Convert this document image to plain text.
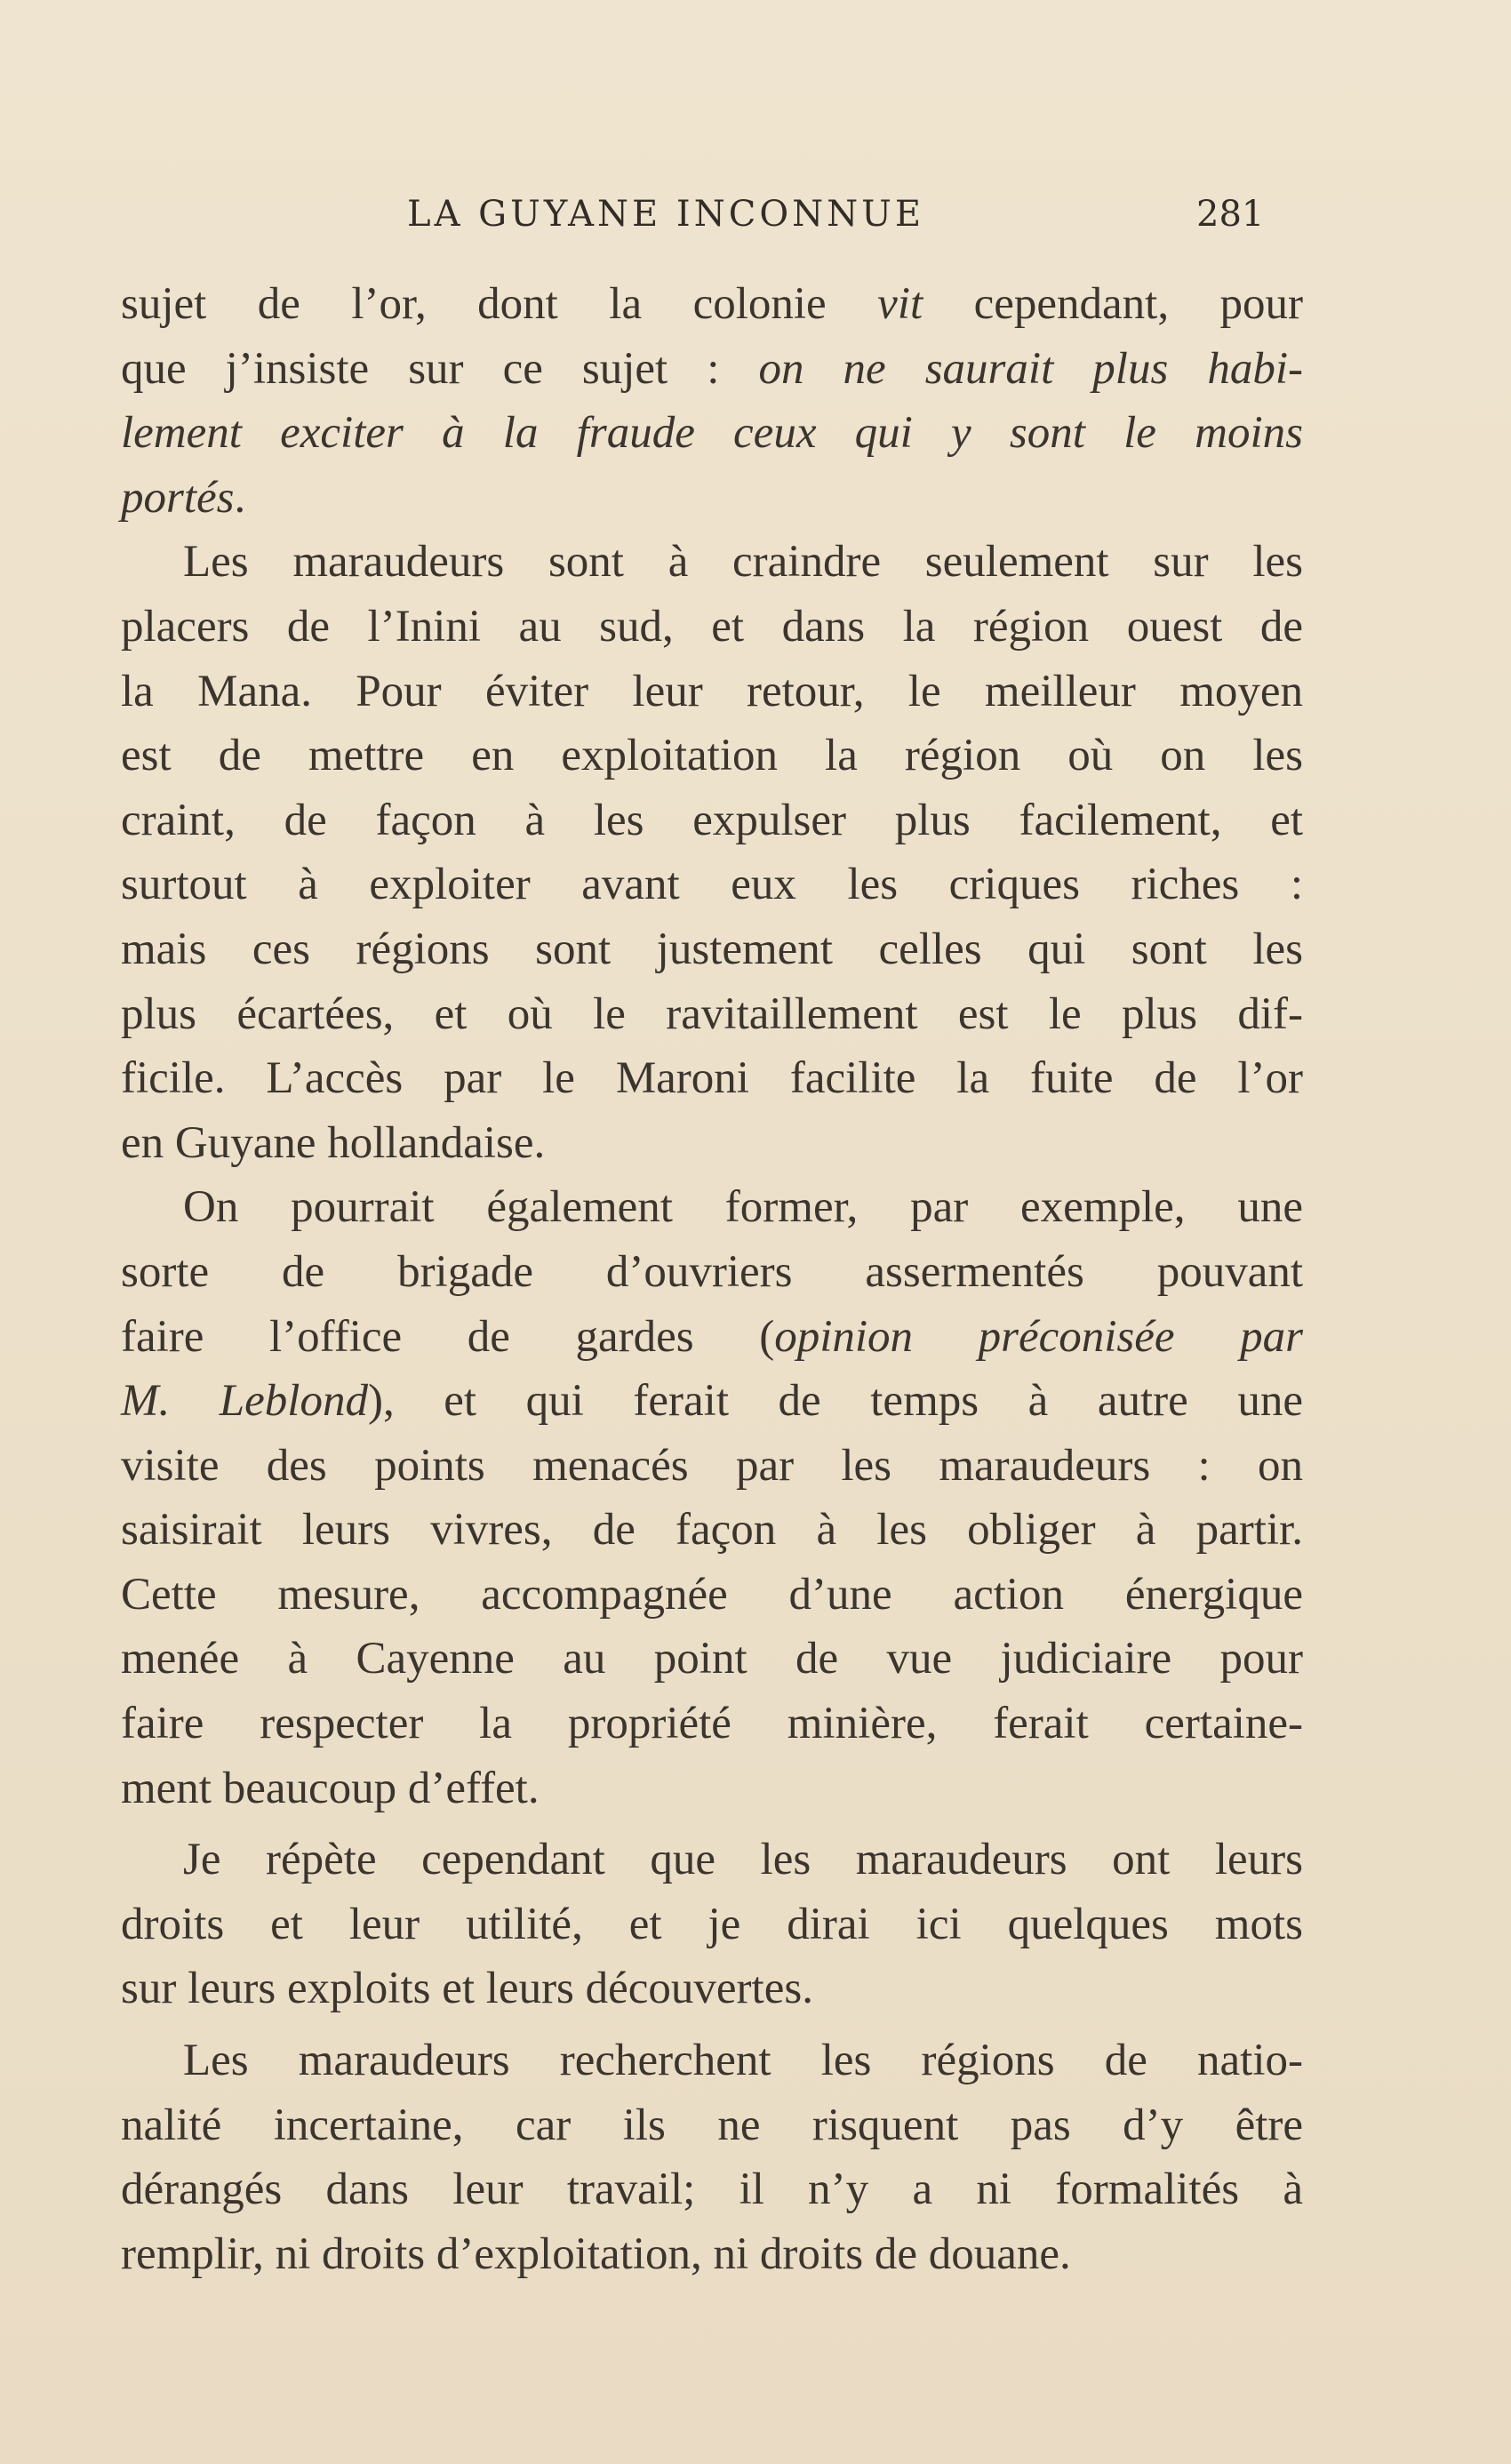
LA GUYANE INCONNUE	281
sujet de l’or, dont la colonie vit cependant, pour
que j’insiste sur ce sujet : on ne saurait plus habi-
lement exciter à la fraude ceux qui y sont le moins
portés.
Les maraudeurs sont à craindre seulement sur les
placers de l’Inini au sud, et dans la région ouest de
la Mana. Pour éviter leur retour, le meilleur moyen
est de mettre en exploitation la région où on les
craint, de façon à les expulser plus facilement, et
surtout à exploiter avant eux les criques riches :
mais ces régions sont justement celles qui sont les
plus écartées, et où le ravitaillement est le plus dif-
ficile. L’accès par le Maroni facilite la fuite de l’or
en Guyane hollandaise.
On pourrait également former, par exemple, une
sorte de brigade d’ouvriers assermentés pouvant
faire l’office de gardes (opinion préconisée par
M. Leblond), et qui ferait de temps à autre une
visite des points menacés par les maraudeurs : on
saisirait leurs vivres, de façon à les obliger à partir.
Cette mesure, accompagnée d’une action énergique
menée à Cayenne au point de vue judiciaire pour
faire respecter la propriété minière, ferait certaine-
ment beaucoup d’effet.
Je répète cependant que les maraudeurs ont leurs
droits et leur utilité, et je dirai ici quelques mots
sur leurs exploits et leurs découvertes.
Les maraudeurs recherchent les régions de natio-
nalité incertaine, car ils ne risquent pas d’y être
dérangés dans leur travail; il n’y a ni formalités à
remplir, ni droits d’exploitation, ni droits de douane.
